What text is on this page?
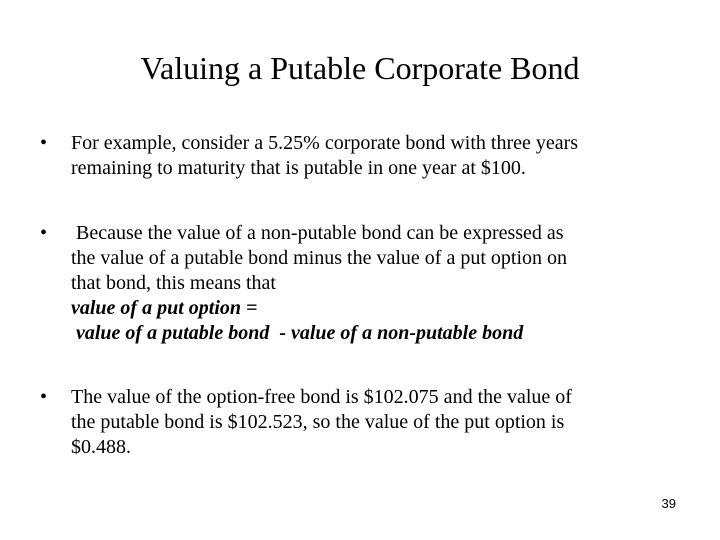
Valuing a Putable Corporate Bond
•	For example, consider a 5.25% corporate bond with three years
remaining to maturity that is putable in one year at $100.
•	Because the value of a non-putable bond can be expressed as
the value of a putable bond minus the value of a put option on
that bond, this means that
value of a put option =
value of a putable bond  - value of a non-putable bond
•	The value of the option-free bond is $102.075 and the value of
the putable bond is $102.523, so the value of the put option is
$0.488.
39
